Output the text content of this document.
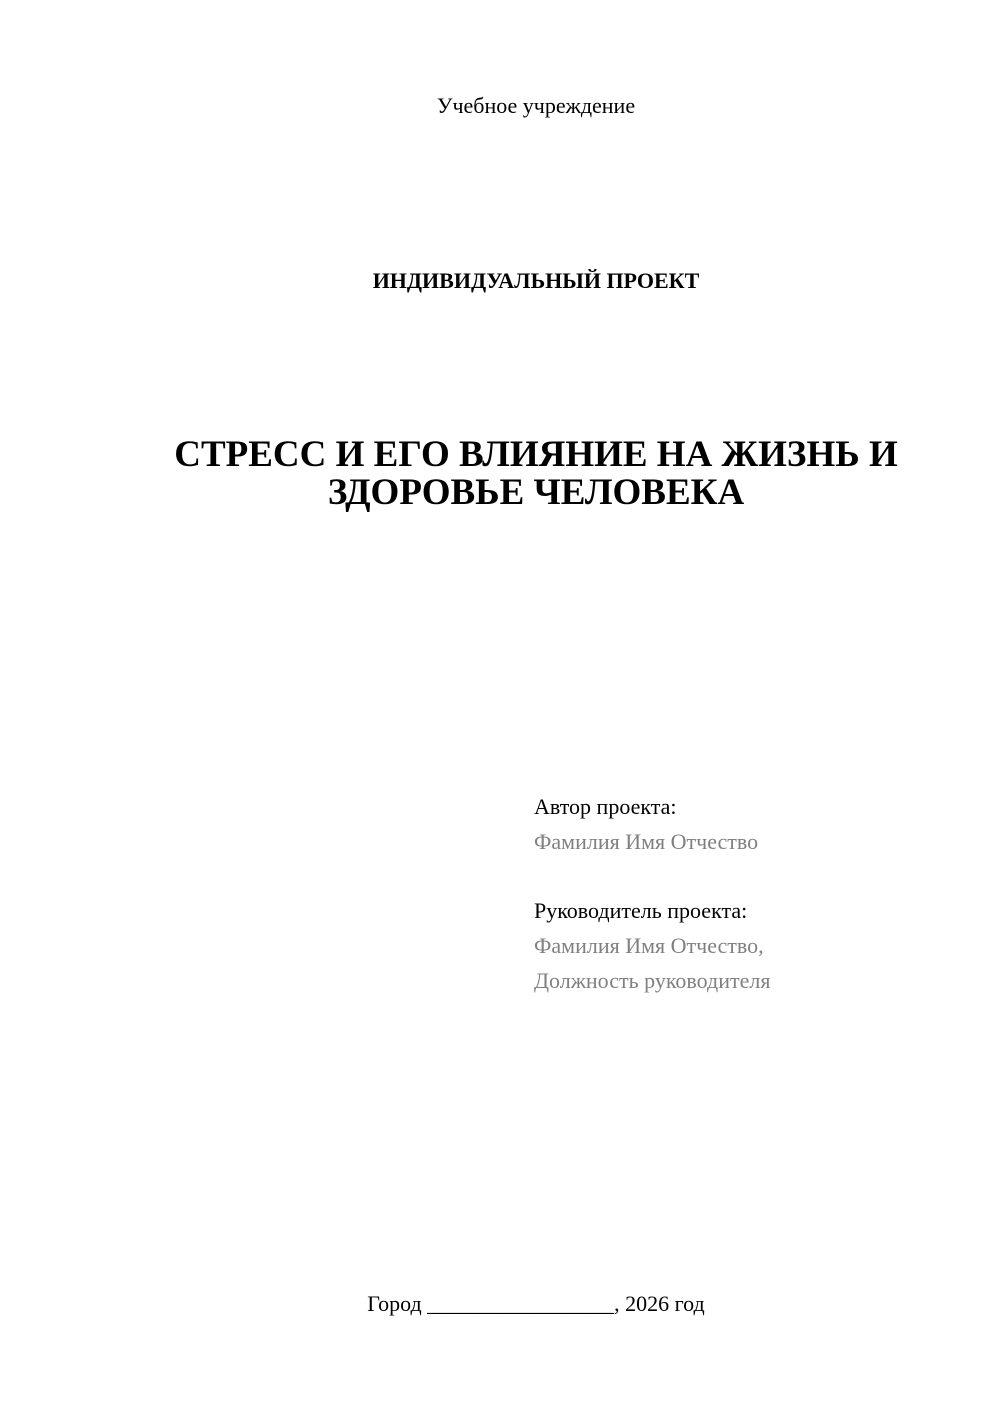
Учебное учреждение
ИНДИВИДУАЛЬНЫЙ ПРОЕКТ
СТРЕСС И ЕГО ВЛИЯНИЕ НА ЖИЗНЬ И
ЗДОРОВЬЕ ЧЕЛОВЕКА
Автор проекта:
Фамилия Имя Отчество
Руководитель проекта:
Фамилия Имя Отчество,
Должность руководителя
Город _________________, 2026 год
